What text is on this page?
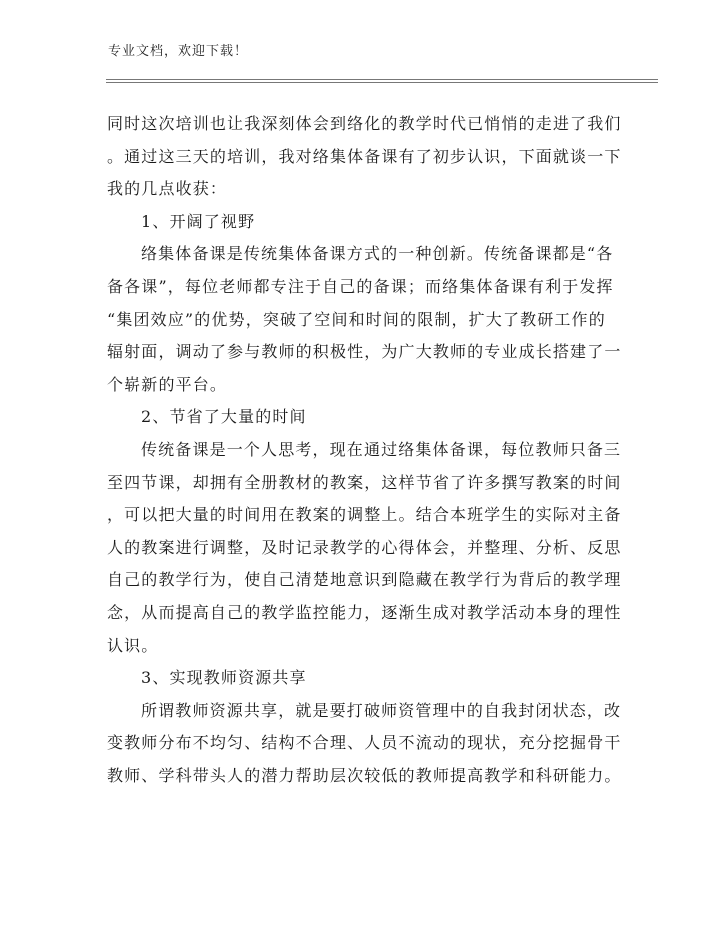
专业文档，欢迎下载！
同时这次培训也让我深刻体会到络化的教学时代已悄悄的走进了我们
。通过这三天的培训，我对络集体备课有了初步认识，下面就谈一下
我的几点收获：
1、开阔了视野
络集体备课是传统集体备课方式的一种创新。传统备课都是“各
备各课”，每位老师都专注于自己的备课；而络集体备课有利于发挥
“集团效应”的优势，突破了空间和时间的限制，扩大了教研工作的
辐射面，调动了参与教师的积极性，为广大教师的专业成长搭建了一
个崭新的平台。
2、节省了大量的时间
传统备课是一个人思考，现在通过络集体备课，每位教师只备三
至四节课，却拥有全册教材的教案，这样节省了许多撰写教案的时间
，可以把大量的时间用在教案的调整上。结合本班学生的实际对主备
人的教案进行调整，及时记录教学的心得体会，并整理、分析、反思
自己的教学行为，使自己清楚地意识到隐藏在教学行为背后的教学理
念，从而提高自己的教学监控能力，逐渐生成对教学活动本身的理性
认识。
3、实现教师资源共享
所谓教师资源共享，就是要打破师资管理中的自我封闭状态，改
变教师分布不均匀、结构不合理、人员不流动的现状，充分挖掘骨干
教师、学科带头人的潜力帮助层次较低的教师提高教学和科研能力。
